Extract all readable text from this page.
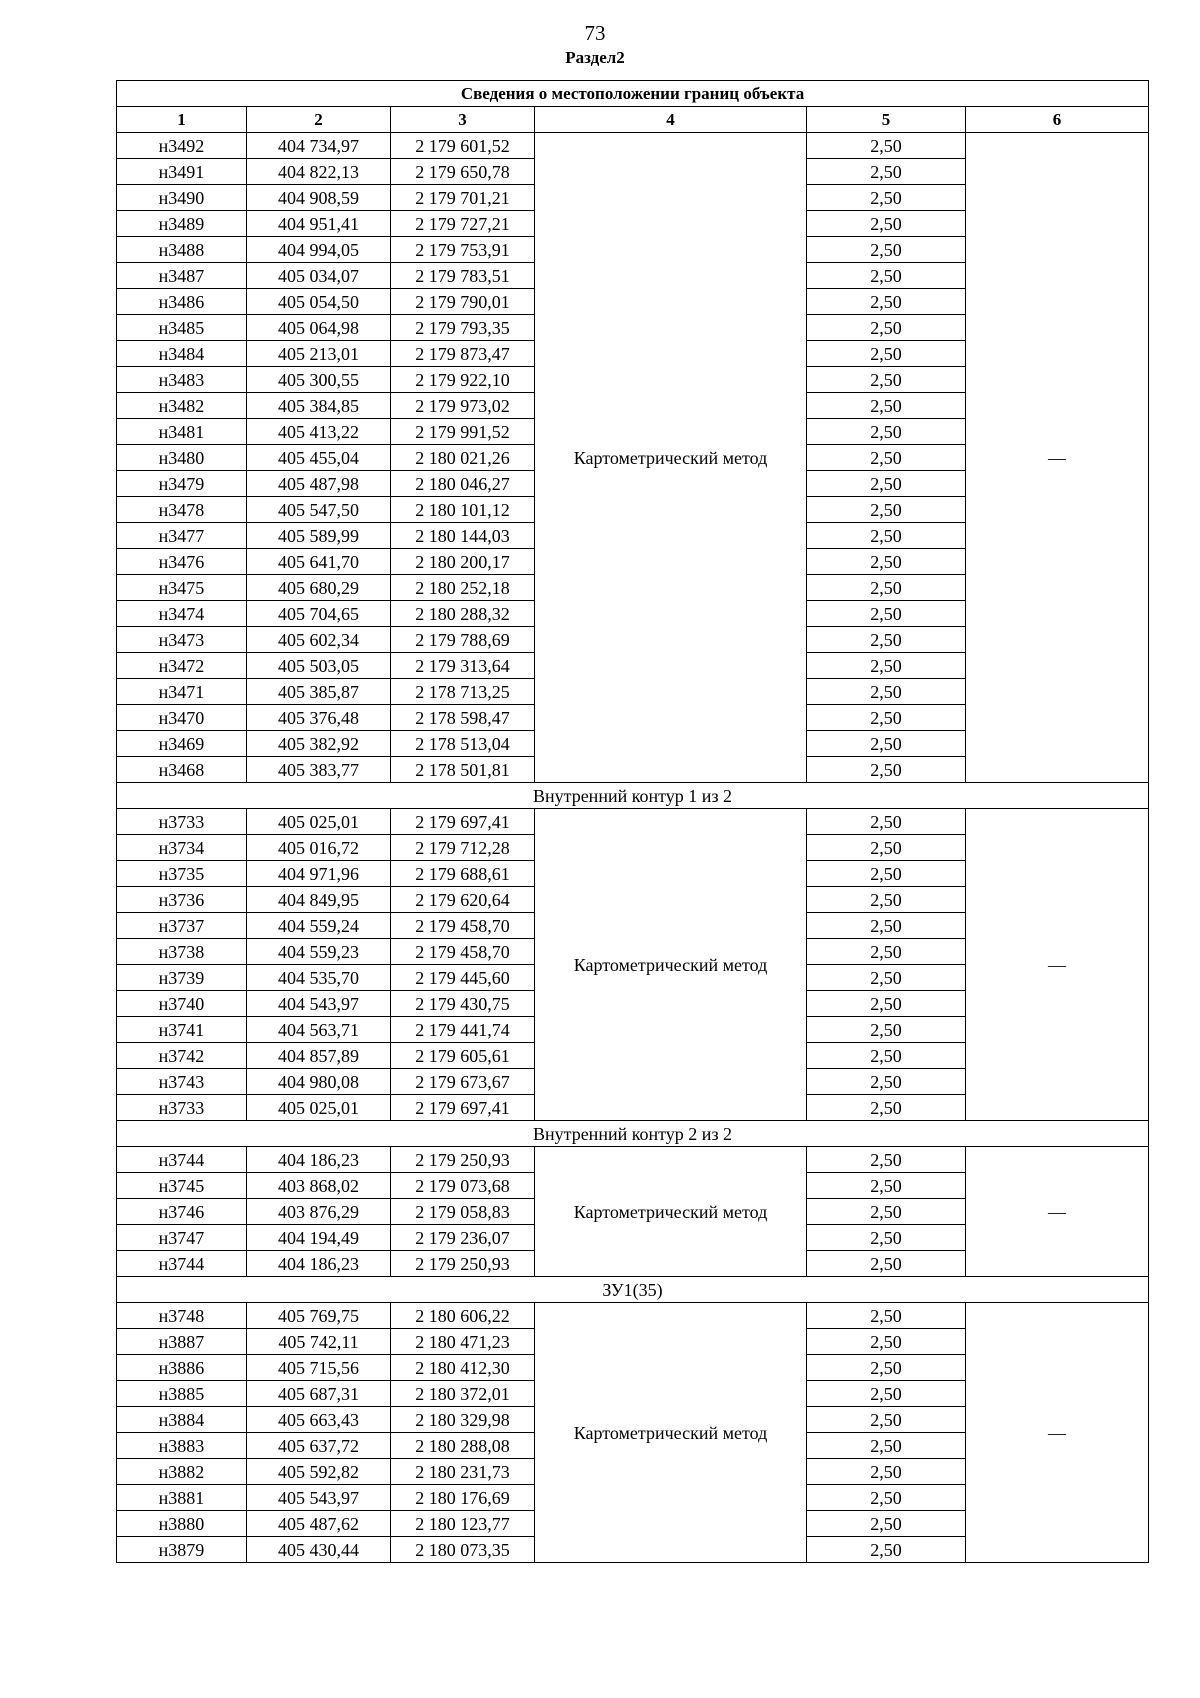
73
Раздел2
Сведения о местоположении границ объекта					
1	2	3	4	5	6
н3492	404 734,97	2 179 601,52	Картометрический метод	2,50	—
н3491	404 822,13	2 179 650,78		2,50	
н3490	404 908,59	2 179 701,21		2,50	
н3489	404 951,41	2 179 727,21		2,50	
н3488	404 994,05	2 179 753,91		2,50	
н3487	405 034,07	2 179 783,51		2,50	
н3486	405 054,50	2 179 790,01		2,50	
н3485	405 064,98	2 179 793,35		2,50	
н3484	405 213,01	2 179 873,47		2,50	
н3483	405 300,55	2 179 922,10		2,50	
н3482	405 384,85	2 179 973,02		2,50	
н3481	405 413,22	2 179 991,52		2,50	
н3480	405 455,04	2 180 021,26		2,50	
н3479	405 487,98	2 180 046,27		2,50	
н3478	405 547,50	2 180 101,12		2,50	
н3477	405 589,99	2 180 144,03		2,50	
н3476	405 641,70	2 180 200,17		2,50	
н3475	405 680,29	2 180 252,18		2,50	
н3474	405 704,65	2 180 288,32		2,50	
н3473	405 602,34	2 179 788,69		2,50	
н3472	405 503,05	2 179 313,64		2,50	
н3471	405 385,87	2 178 713,25		2,50	
н3470	405 376,48	2 178 598,47		2,50	
н3469	405 382,92	2 178 513,04		2,50	
н3468	405 383,77	2 178 501,81		2,50	
Внутренний контур 1 из 2					
н3733	405 025,01	2 179 697,41	Картометрический метод	2,50	—
н3734	405 016,72	2 179 712,28		2,50	
н3735	404 971,96	2 179 688,61		2,50	
н3736	404 849,95	2 179 620,64		2,50	
н3737	404 559,24	2 179 458,70		2,50	
н3738	404 559,23	2 179 458,70		2,50	
н3739	404 535,70	2 179 445,60		2,50	
н3740	404 543,97	2 179 430,75		2,50	
н3741	404 563,71	2 179 441,74		2,50	
н3742	404 857,89	2 179 605,61		2,50	
н3743	404 980,08	2 179 673,67		2,50	
н3733	405 025,01	2 179 697,41		2,50	
Внутренний контур 2 из 2					
н3744	404 186,23	2 179 250,93	Картометрический метод	2,50	—
н3745	403 868,02	2 179 073,68		2,50	
н3746	403 876,29	2 179 058,83		2,50	
н3747	404 194,49	2 179 236,07		2,50	
н3744	404 186,23	2 179 250,93		2,50	
ЗУ1(35)					
н3748	405 769,75	2 180 606,22	Картометрический метод	2,50	—
н3887	405 742,11	2 180 471,23		2,50	
н3886	405 715,56	2 180 412,30		2,50	
н3885	405 687,31	2 180 372,01		2,50	
н3884	405 663,43	2 180 329,98		2,50	
н3883	405 637,72	2 180 288,08		2,50	
н3882	405 592,82	2 180 231,73		2,50	
н3881	405 543,97	2 180 176,69		2,50	
н3880	405 487,62	2 180 123,77		2,50	
н3879	405 430,44	2 180 073,35		2,50	
